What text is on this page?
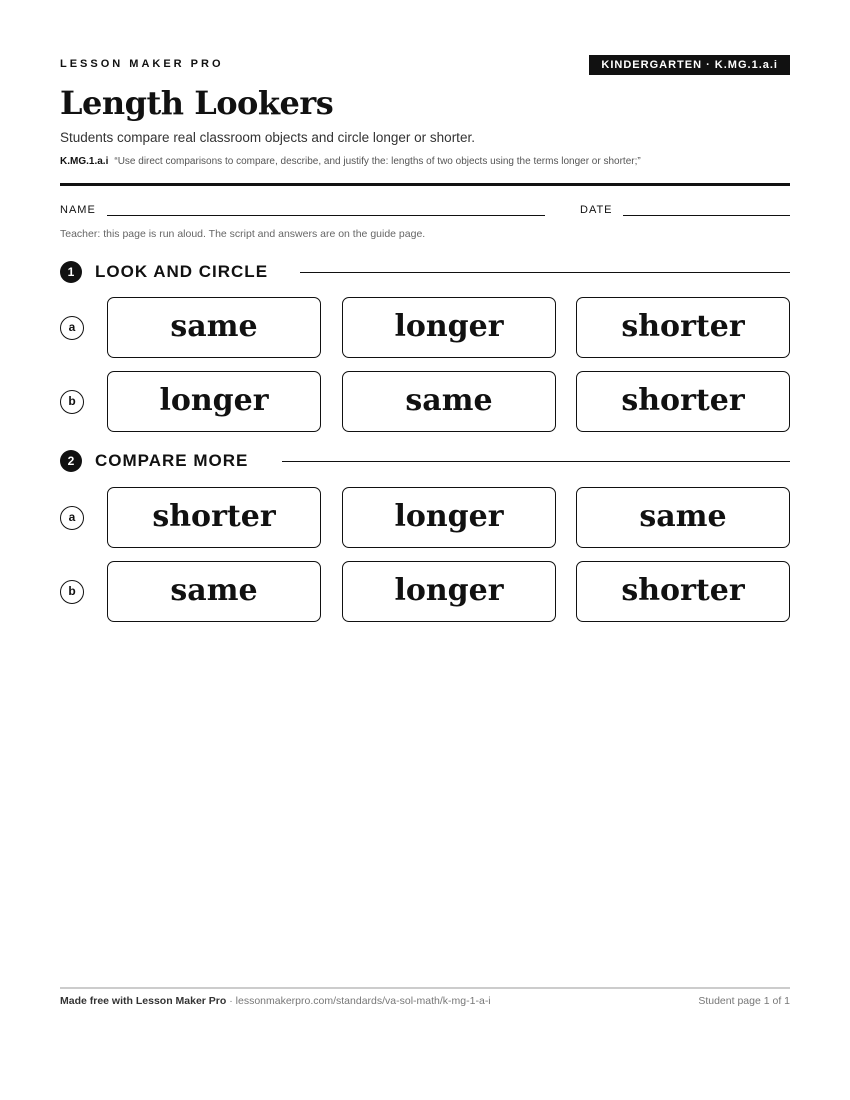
LESSON MAKER PRO	KINDERGARTEN · K.MG.1.a.i
Length Lookers
Students compare real classroom objects and circle longer or shorter.
K.MG.1.a.i “Use direct comparisons to compare, describe, and justify the: lengths of two objects using the terms longer or shorter;”
NAME	DATE
Teacher: this page is run aloud. The script and answers are on the guide page.
1	LOOK AND CIRCLE
a	same	longer	shorter
b	longer	same	shorter
2	COMPARE MORE
a	shorter	longer	same
b	same	longer	shorter
Made free with Lesson Maker Pro · lessonmakerpro.com/standards/va-sol-math/k-mg-1-a-i	Student page 1 of 1
